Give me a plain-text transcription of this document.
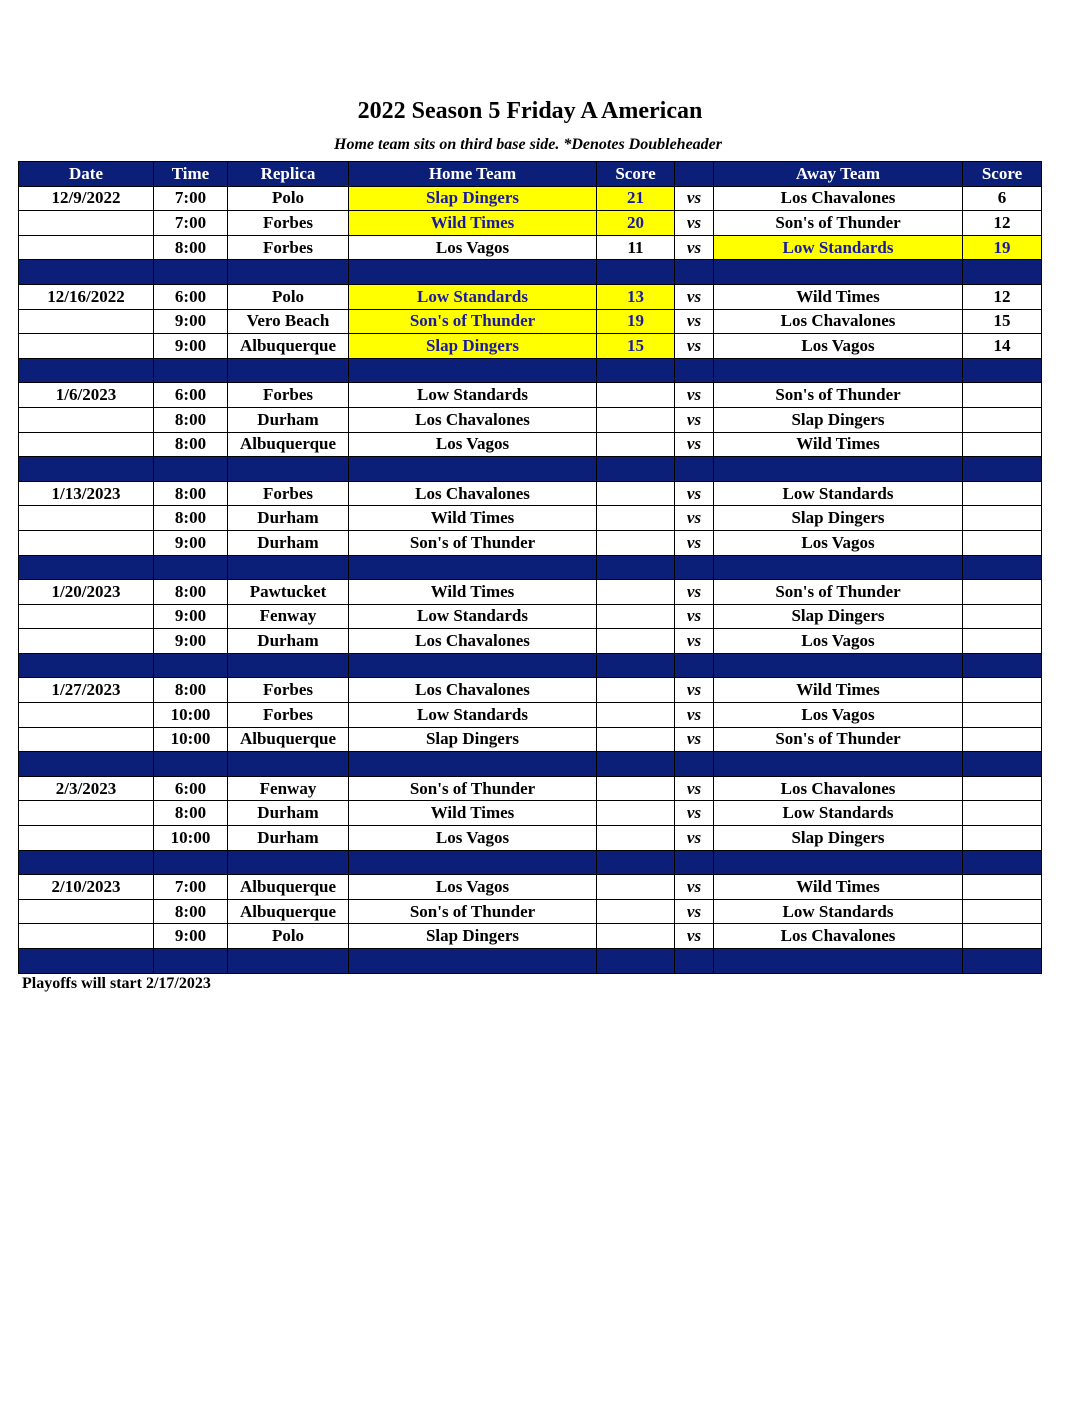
2022 Season 5 Friday A American
Home team sits on third base side. *Denotes Doubleheader
Date	Time	Replica	Home Team	Score		Away Team	Score
12/9/2022	7:00	Polo	Slap Dingers	21	vs	Los Chavalones	6
	7:00	Forbes	Wild Times	20	vs	Son's of Thunder	12
	8:00	Forbes	Los Vagos	11	vs	Low Standards	19

12/16/2022	6:00	Polo	Low Standards	13	vs	Wild Times	12
	9:00	Vero Beach	Son's of Thunder	19	vs	Los Chavalones	15
	9:00	Albuquerque	Slap Dingers	15	vs	Los Vagos	14

1/6/2023	6:00	Forbes	Low Standards		vs	Son's of Thunder	
	8:00	Durham	Los Chavalones		vs	Slap Dingers	
	8:00	Albuquerque	Los Vagos		vs	Wild Times	

1/13/2023	8:00	Forbes	Los Chavalones		vs	Low Standards	
	8:00	Durham	Wild Times		vs	Slap Dingers	
	9:00	Durham	Son's of Thunder		vs	Los Vagos	

1/20/2023	8:00	Pawtucket	Wild Times		vs	Son's of Thunder	
	9:00	Fenway	Low Standards		vs	Slap Dingers	
	9:00	Durham	Los Chavalones		vs	Los Vagos	

1/27/2023	8:00	Forbes	Los Chavalones		vs	Wild Times	
	10:00	Forbes	Low Standards		vs	Los Vagos	
	10:00	Albuquerque	Slap Dingers		vs	Son's of Thunder	

2/3/2023	6:00	Fenway	Son's of Thunder		vs	Los Chavalones	
	8:00	Durham	Wild Times		vs	Low Standards	
	10:00	Durham	Los Vagos		vs	Slap Dingers	

2/10/2023	7:00	Albuquerque	Los Vagos		vs	Wild Times	
	8:00	Albuquerque	Son's of Thunder		vs	Low Standards	
	9:00	Polo	Slap Dingers		vs	Los Chavalones	

Playoffs will start 2/17/2023
